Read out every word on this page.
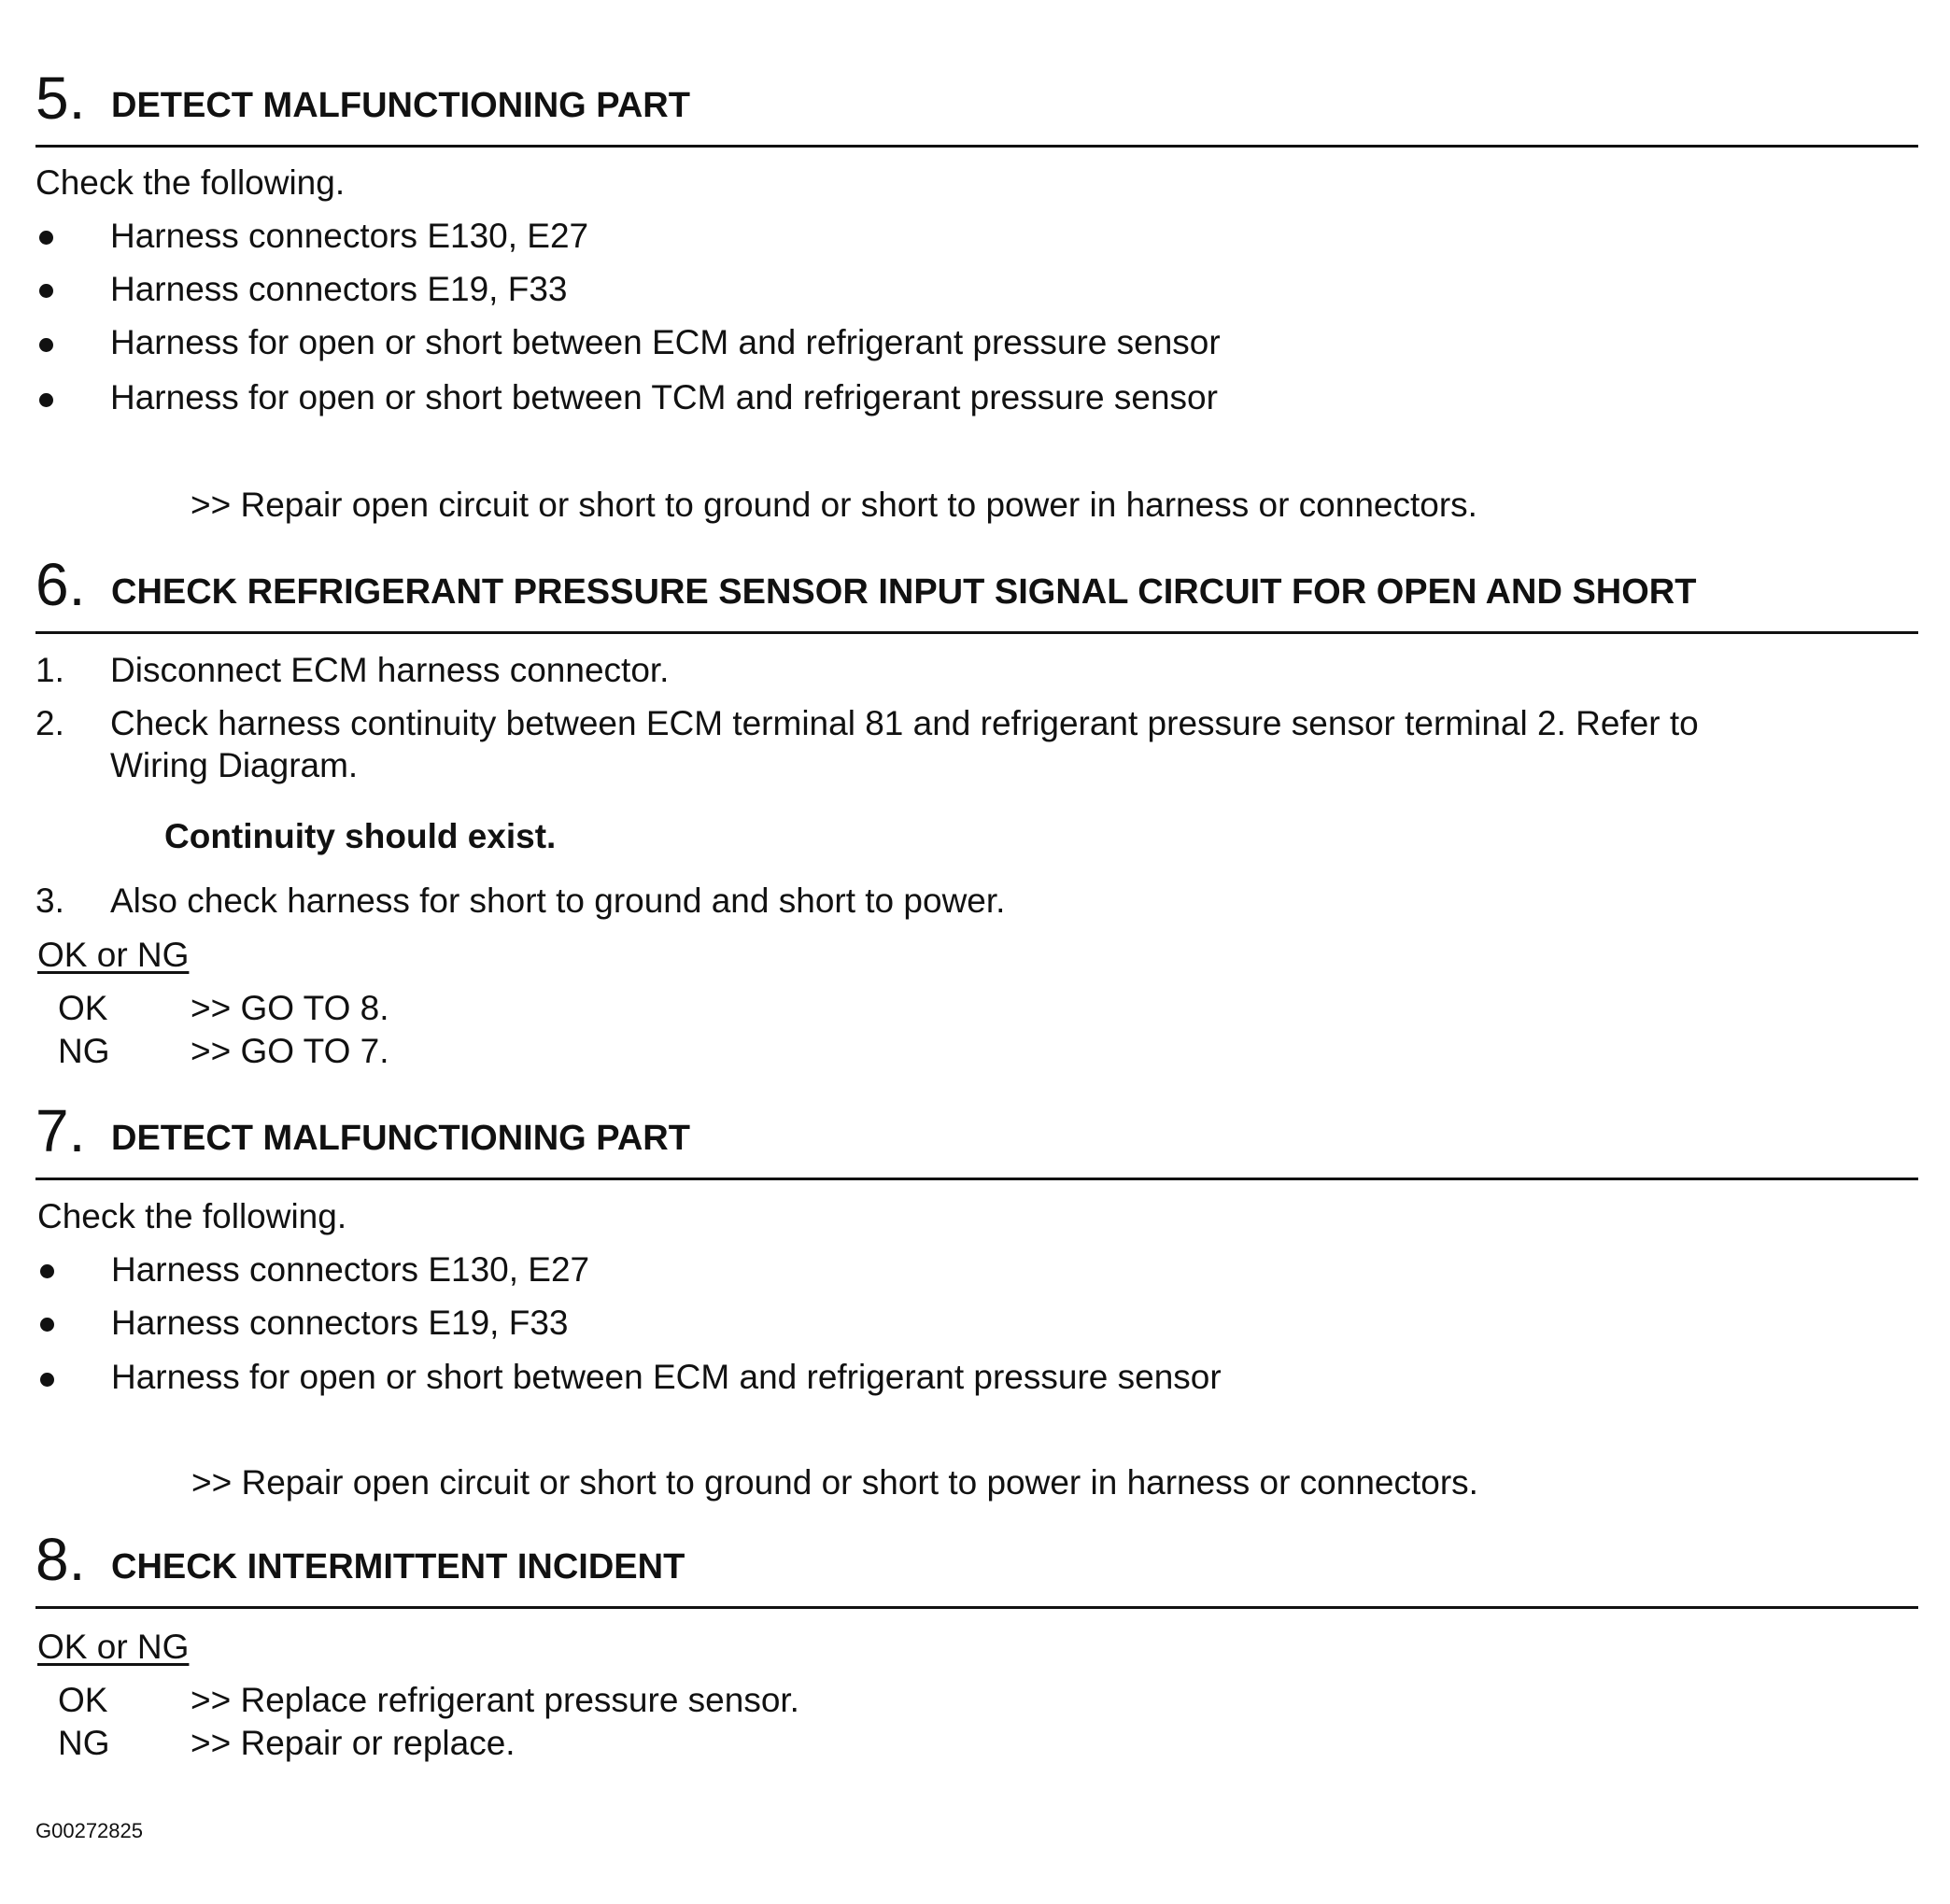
5. DETECT MALFUNCTIONING PART
Check the following.
Harness connectors E130, E27
Harness connectors E19, F33
Harness for open or short between ECM and refrigerant pressure sensor
Harness for open or short between TCM and refrigerant pressure sensor
>> Repair open circuit or short to ground or short to power in harness or connectors.
6. CHECK REFRIGERANT PRESSURE SENSOR INPUT SIGNAL CIRCUIT FOR OPEN AND SHORT
1. Disconnect ECM harness connector.
2. Check harness continuity between ECM terminal 81 and refrigerant pressure sensor terminal 2. Refer to
Wiring Diagram.
Continuity should exist.
3. Also check harness for short to ground and short to power.
OK or NG
OK >> GO TO 8.
NG >> GO TO 7.
7. DETECT MALFUNCTIONING PART
Check the following.
Harness connectors E130, E27
Harness connectors E19, F33
Harness for open or short between ECM and refrigerant pressure sensor
>> Repair open circuit or short to ground or short to power in harness or connectors.
8. CHECK INTERMITTENT INCIDENT
OK or NG
OK >> Replace refrigerant pressure sensor.
NG >> Repair or replace.
G00272825
